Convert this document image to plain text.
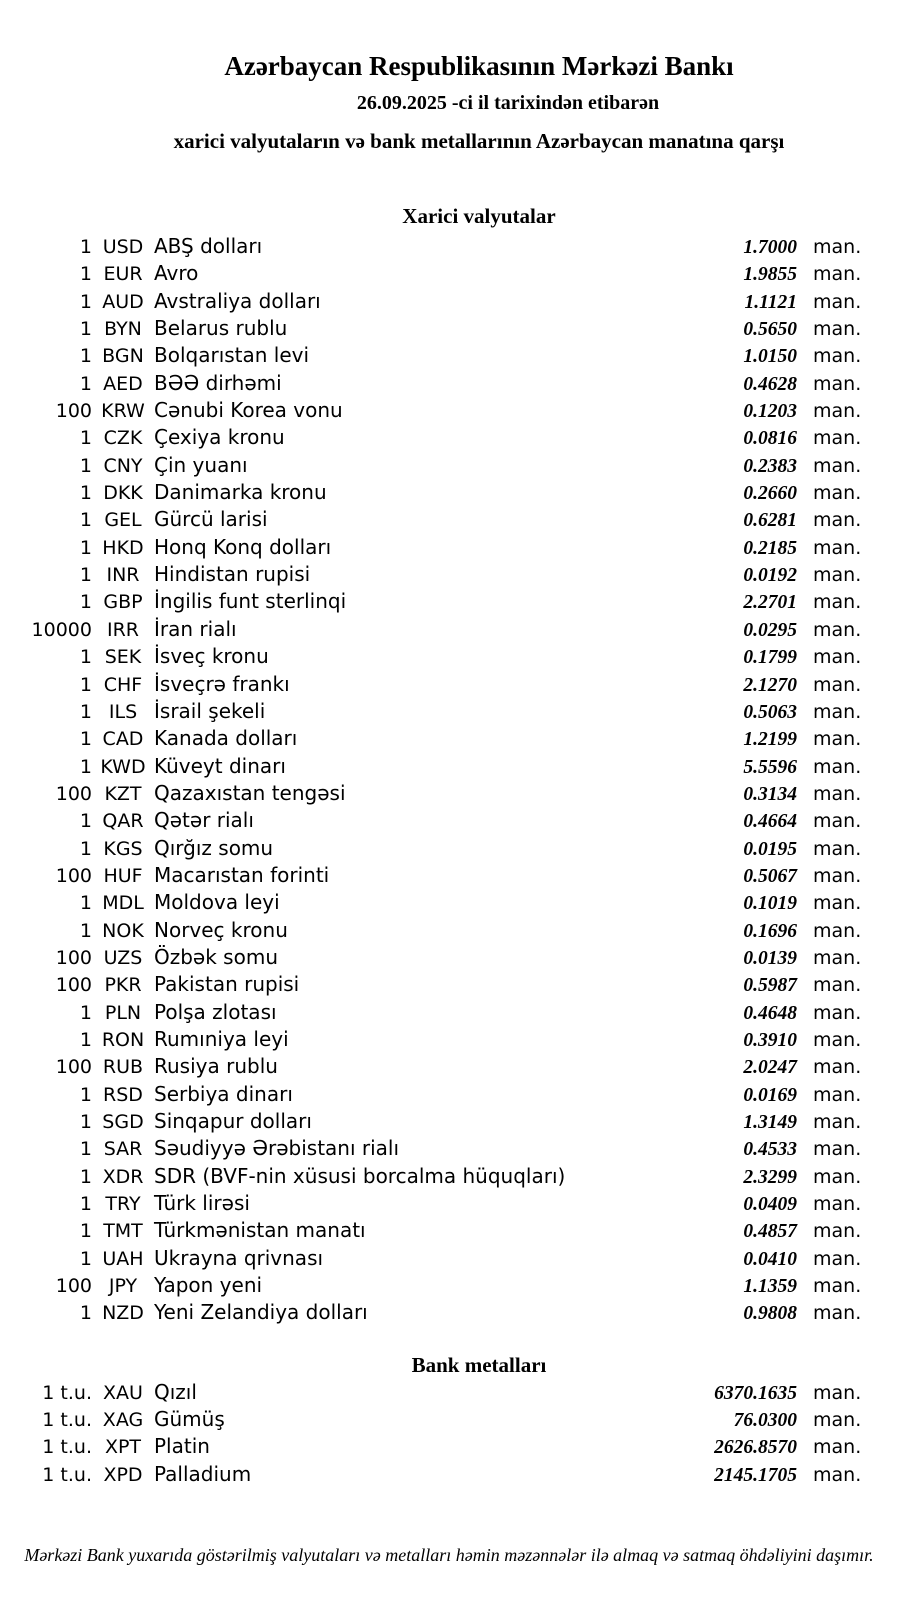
Azərbaycan Respublikasının Mərkəzi Bankı
26.09.2025 -ci il tarixindən etibarən
xarici valyutaların və bank metallarının Azərbaycan manatına qarşı
Xarici valyutalar
1 USD ABŞ dolları	1.7000 man.
1 EUR Avro	1.9855 man.
1 AUD Avstraliya dolları	1.1121 man.
1 BYN Belarus rublu	0.5650 man.
1 BGN Bolqarıstan levi	1.0150 man.
1 AED BƏƏ dirhəmi	0.4628 man.
100 KRW Cənubi Korea vonu	0.1203 man.
1 CZK Çexiya kronu	0.0816 man.
1 CNY Çin yuanı	0.2383 man.
1 DKK Danimarka kronu	0.2660 man.
1 GEL Gürcü larisi	0.6281 man.
1 HKD Honq Konq dolları	0.2185 man.
1 INR Hindistan rupisi	0.0192 man.
1 GBP İngilis funt sterlinqi	2.2701 man.
10000 IRR İran rialı	0.0295 man.
1 SEK İsveç kronu	0.1799 man.
1 CHF İsveçrə frankı	2.1270 man.
1 ILS İsrail şekeli	0.5063 man.
1 CAD Kanada dolları	1.2199 man.
1 KWD Küveyt dinarı	5.5596 man.
100 KZT Qazaxıstan tengəsi	0.3134 man.
1 QAR Qətər rialı	0.4664 man.
1 KGS Qırğız somu	0.0195 man.
100 HUF Macarıstan forinti	0.5067 man.
1 MDL Moldova leyi	0.1019 man.
1 NOK Norveç kronu	0.1696 man.
100 UZS Özbək somu	0.0139 man.
100 PKR Pakistan rupisi	0.5987 man.
1 PLN Polşa zlotası	0.4648 man.
1 RON Rumıniya leyi	0.3910 man.
100 RUB Rusiya rublu	2.0247 man.
1 RSD Serbiya dinarı	0.0169 man.
1 SGD Sinqapur dolları	1.3149 man.
1 SAR Səudiyyə Ərəbistanı rialı	0.4533 man.
1 XDR SDR (BVF-nin xüsusi borcalma hüquqları)	2.3299 man.
1 TRY Türk lirəsi	0.0409 man.
1 TMT Türkmənistan manatı	0.4857 man.
1 UAH Ukrayna qrivnası	0.0410 man.
100 JPY Yapon yeni	1.1359 man.
1 NZD Yeni Zelandiya dolları	0.9808 man.
Bank metalları
1 t.u. XAU Qızıl	6370.1635 man.
1 t.u. XAG Gümüş	76.0300 man.
1 t.u. XPT Platin	2626.8570 man.
1 t.u. XPD Palladium	2145.1705 man.
Mərkəzi Bank yuxarıda göstərilmiş valyutaları və metalları həmin məzənnələr ilə almaq və satmaq öhdəliyini daşımır.
